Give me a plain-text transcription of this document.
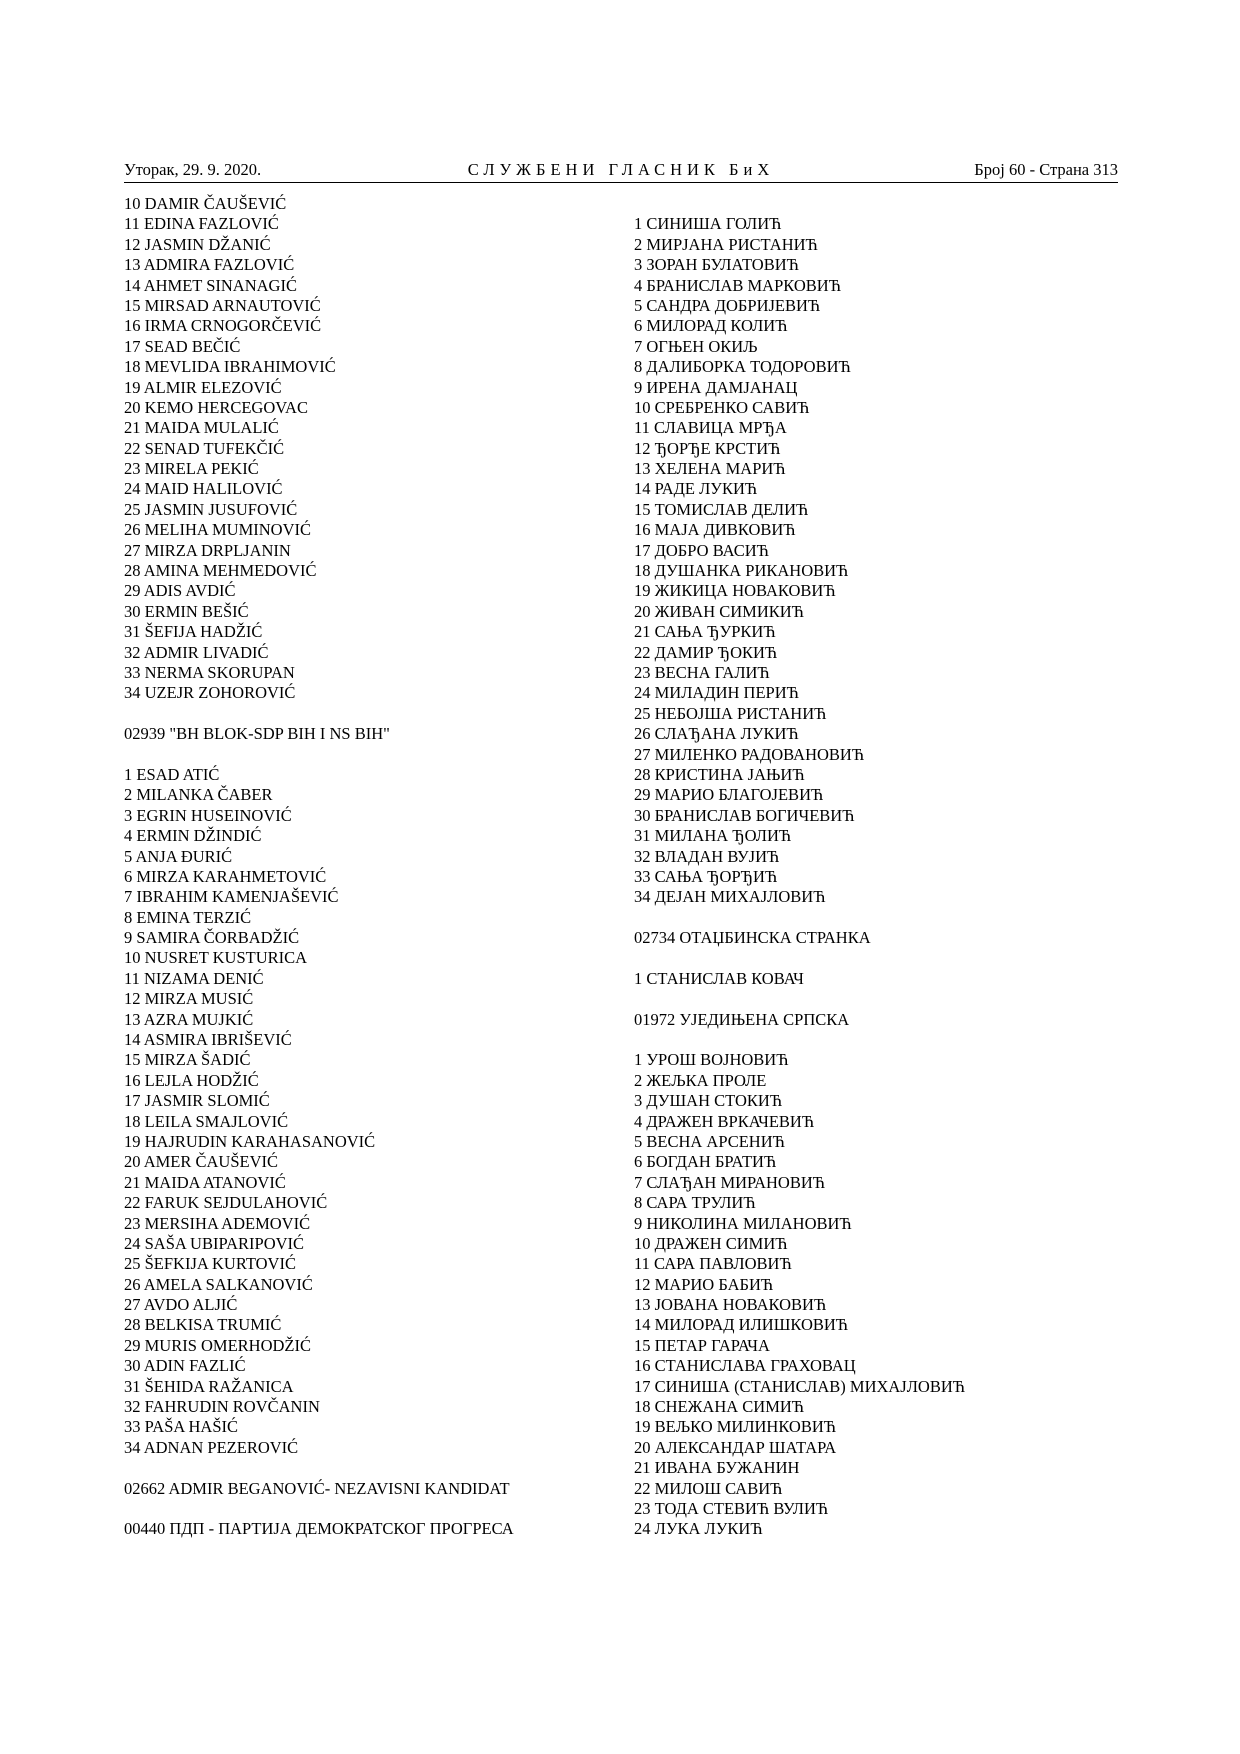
Уторак, 29. 9. 2020.	СЛУЖБЕНИ ГЛАСНИК БиХ	Број 60 - Страна 313
10 DAMIR ČAUŠEVIĆ
11 EDINA FAZLOVIĆ
12 JASMIN DŽANIĆ
13 ADMIRA FAZLOVIĆ
14 AHMET SINANAGIĆ
15 MIRSAD ARNAUTOVIĆ
16 IRMA CRNOGORČEVIĆ
17 SEAD BEČIĆ
18 MEVLIDA IBRAHIMOVIĆ
19 ALMIR ELEZOVIĆ
20 KEMO HERCEGOVAC
21 MAIDA MULALIĆ
22 SENAD TUFEKČIĆ
23 MIRELA PEKIĆ
24 MAID HALILOVIĆ
25 JASMIN JUSUFOVIĆ
26 MELIHA MUMINOVIĆ
27 MIRZA DRPLJANIN
28 AMINA MEHMEDOVIĆ
29 ADIS AVDIĆ
30 ERMIN BEŠIĆ
31 ŠEFIJA HADŽIĆ
32 ADMIR LIVADIĆ
33 NERMA SKORUPAN
34 UZEJR ZOHOROVIĆ
02939 "BH BLOK-SDP BIH I NS BIH"
1 ESAD ATIĆ
2 MILANKA ČABER
3 EGRIN HUSEINOVIĆ
4 ERMIN DŽINDIĆ
5 ANJA ĐURIĆ
6 MIRZA KARAHMETOVIĆ
7 IBRAHIM KAMENJAŠEVIĆ
8 EMINA TERZIĆ
9 SAMIRA ČORBADŽIĆ
10 NUSRET KUSTURICA
11 NIZAMA DENIĆ
12 MIRZA MUSIĆ
13 AZRA MUJKIĆ
14 ASMIRA IBRIŠEVIĆ
15 MIRZA ŠADIĆ
16 LEJLA HODŽIĆ
17 JASMIR SLOMIĆ
18 LEILA SMAJLOVIĆ
19 HAJRUDIN KARAHASANOVIĆ
20 AMER ČAUŠEVIĆ
21 MAIDA ATANOVIĆ
22 FARUK SEJDULAHOVIĆ
23 MERSIHA ADEMOVIĆ
24 SAŠA UBIPARIPOVIĆ
25 ŠEFKIJA KURTOVIĆ
26 AMELA SALKANOVIĆ
27 AVDO ALJIĆ
28 BELKISA TRUMIĆ
29 MURIS OMERHODŽIĆ
30 ADIN FAZLIĆ
31 ŠEHIDA RAŽANICA
32 FAHRUDIN ROVČANIN
33 PAŠA HAŠIĆ
34 ADNAN PEZEROVIĆ
02662 ADMIR BEGANOVIĆ- NEZAVISNI KANDIDAT
00440 ПДП - ПАРТИЈА ДЕМОКРАТСКОГ ПРОГРЕСА
1 СИНИША ГОЛИЋ
2 МИРЈАНА РИСТАНИЋ
3 ЗОРАН БУЛАТОВИЋ
4 БРАНИСЛАВ МАРКОВИЋ
5 САНДРА ДОБРИЈЕВИЋ
6 МИЛОРАД КОЛИЋ
7 ОГЊЕН ОКИЉ
8 ДАЛИБОРКА ТОДОРОВИЋ
9 ИРЕНА ДАМЈАНАЦ
10 СРЕБРЕНКО САВИЋ
11 СЛАВИЦА МРЂА
12 ЂОРЂЕ КРСТИЋ
13 ХЕЛЕНА МАРИЋ
14 РАДЕ ЛУКИЋ
15 ТОМИСЛАВ ДЕЛИЋ
16 МАЈА ДИВКОВИЋ
17 ДОБРО ВАСИЋ
18 ДУШАНКА РИКАНОВИЋ
19 ЖИКИЦА НОВАКОВИЋ
20 ЖИВАН СИМИКИЋ
21 САЊА ЂУРКИЋ
22 ДАМИР ЂОКИЋ
23 ВЕСНА ГАЛИЋ
24 МИЛАДИН ПЕРИЋ
25 НЕБОЈША РИСТАНИЋ
26 СЛАЂАНА ЛУКИЋ
27 МИЛЕНКО РАДОВАНОВИЋ
28 КРИСТИНА ЈАЊИЋ
29 МАРИО БЛАГОЈЕВИЋ
30 БРАНИСЛАВ БОГИЧЕВИЋ
31 МИЛАНА ЂОЛИЋ
32 ВЛАДАН ВУЈИЋ
33 САЊА ЂОРЂИЋ
34 ДЕЈАН МИХАЈЛОВИЋ
02734 ОТАЏБИНСКА СТРАНКА
1 СТАНИСЛАВ КОВАЧ
01972 УЈЕДИЊЕНА СРПСКА
1 УРОШ ВОЈНОВИЋ
2 ЖЕЉКА ПРОЛЕ
3 ДУШАН СТОКИЋ
4 ДРАЖЕН ВРКАЧЕВИЋ
5 ВЕСНА АРСЕНИЋ
6 БОГДАН БРАТИЋ
7 СЛАЂАН МИРАНОВИЋ
8 САРА ТРУЛИЋ
9 НИКОЛИНА МИЛАНОВИЋ
10 ДРАЖЕН СИМИЋ
11 САРА ПАВЛОВИЋ
12 МАРИО БАБИЋ
13 ЈОВАНА НОВАКОВИЋ
14 МИЛОРАД ИЛИШКОВИЋ
15 ПЕТАР ГАРАЧА
16 СТАНИСЛАВА ГРАХОВАЦ
17 СИНИША (СТАНИСЛАВ) МИХАЈЛОВИЋ
18 СНЕЖАНА СИМИЋ
19 ВЕЉКО МИЛИНКОВИЋ
20 АЛЕКСАНДАР ШАТАРА
21 ИВАНА БУЖАНИН
22 МИЛОШ САВИЋ
23 ТОДА СТЕВИЋ ВУЛИЋ
24 ЛУКА ЛУКИЋ
